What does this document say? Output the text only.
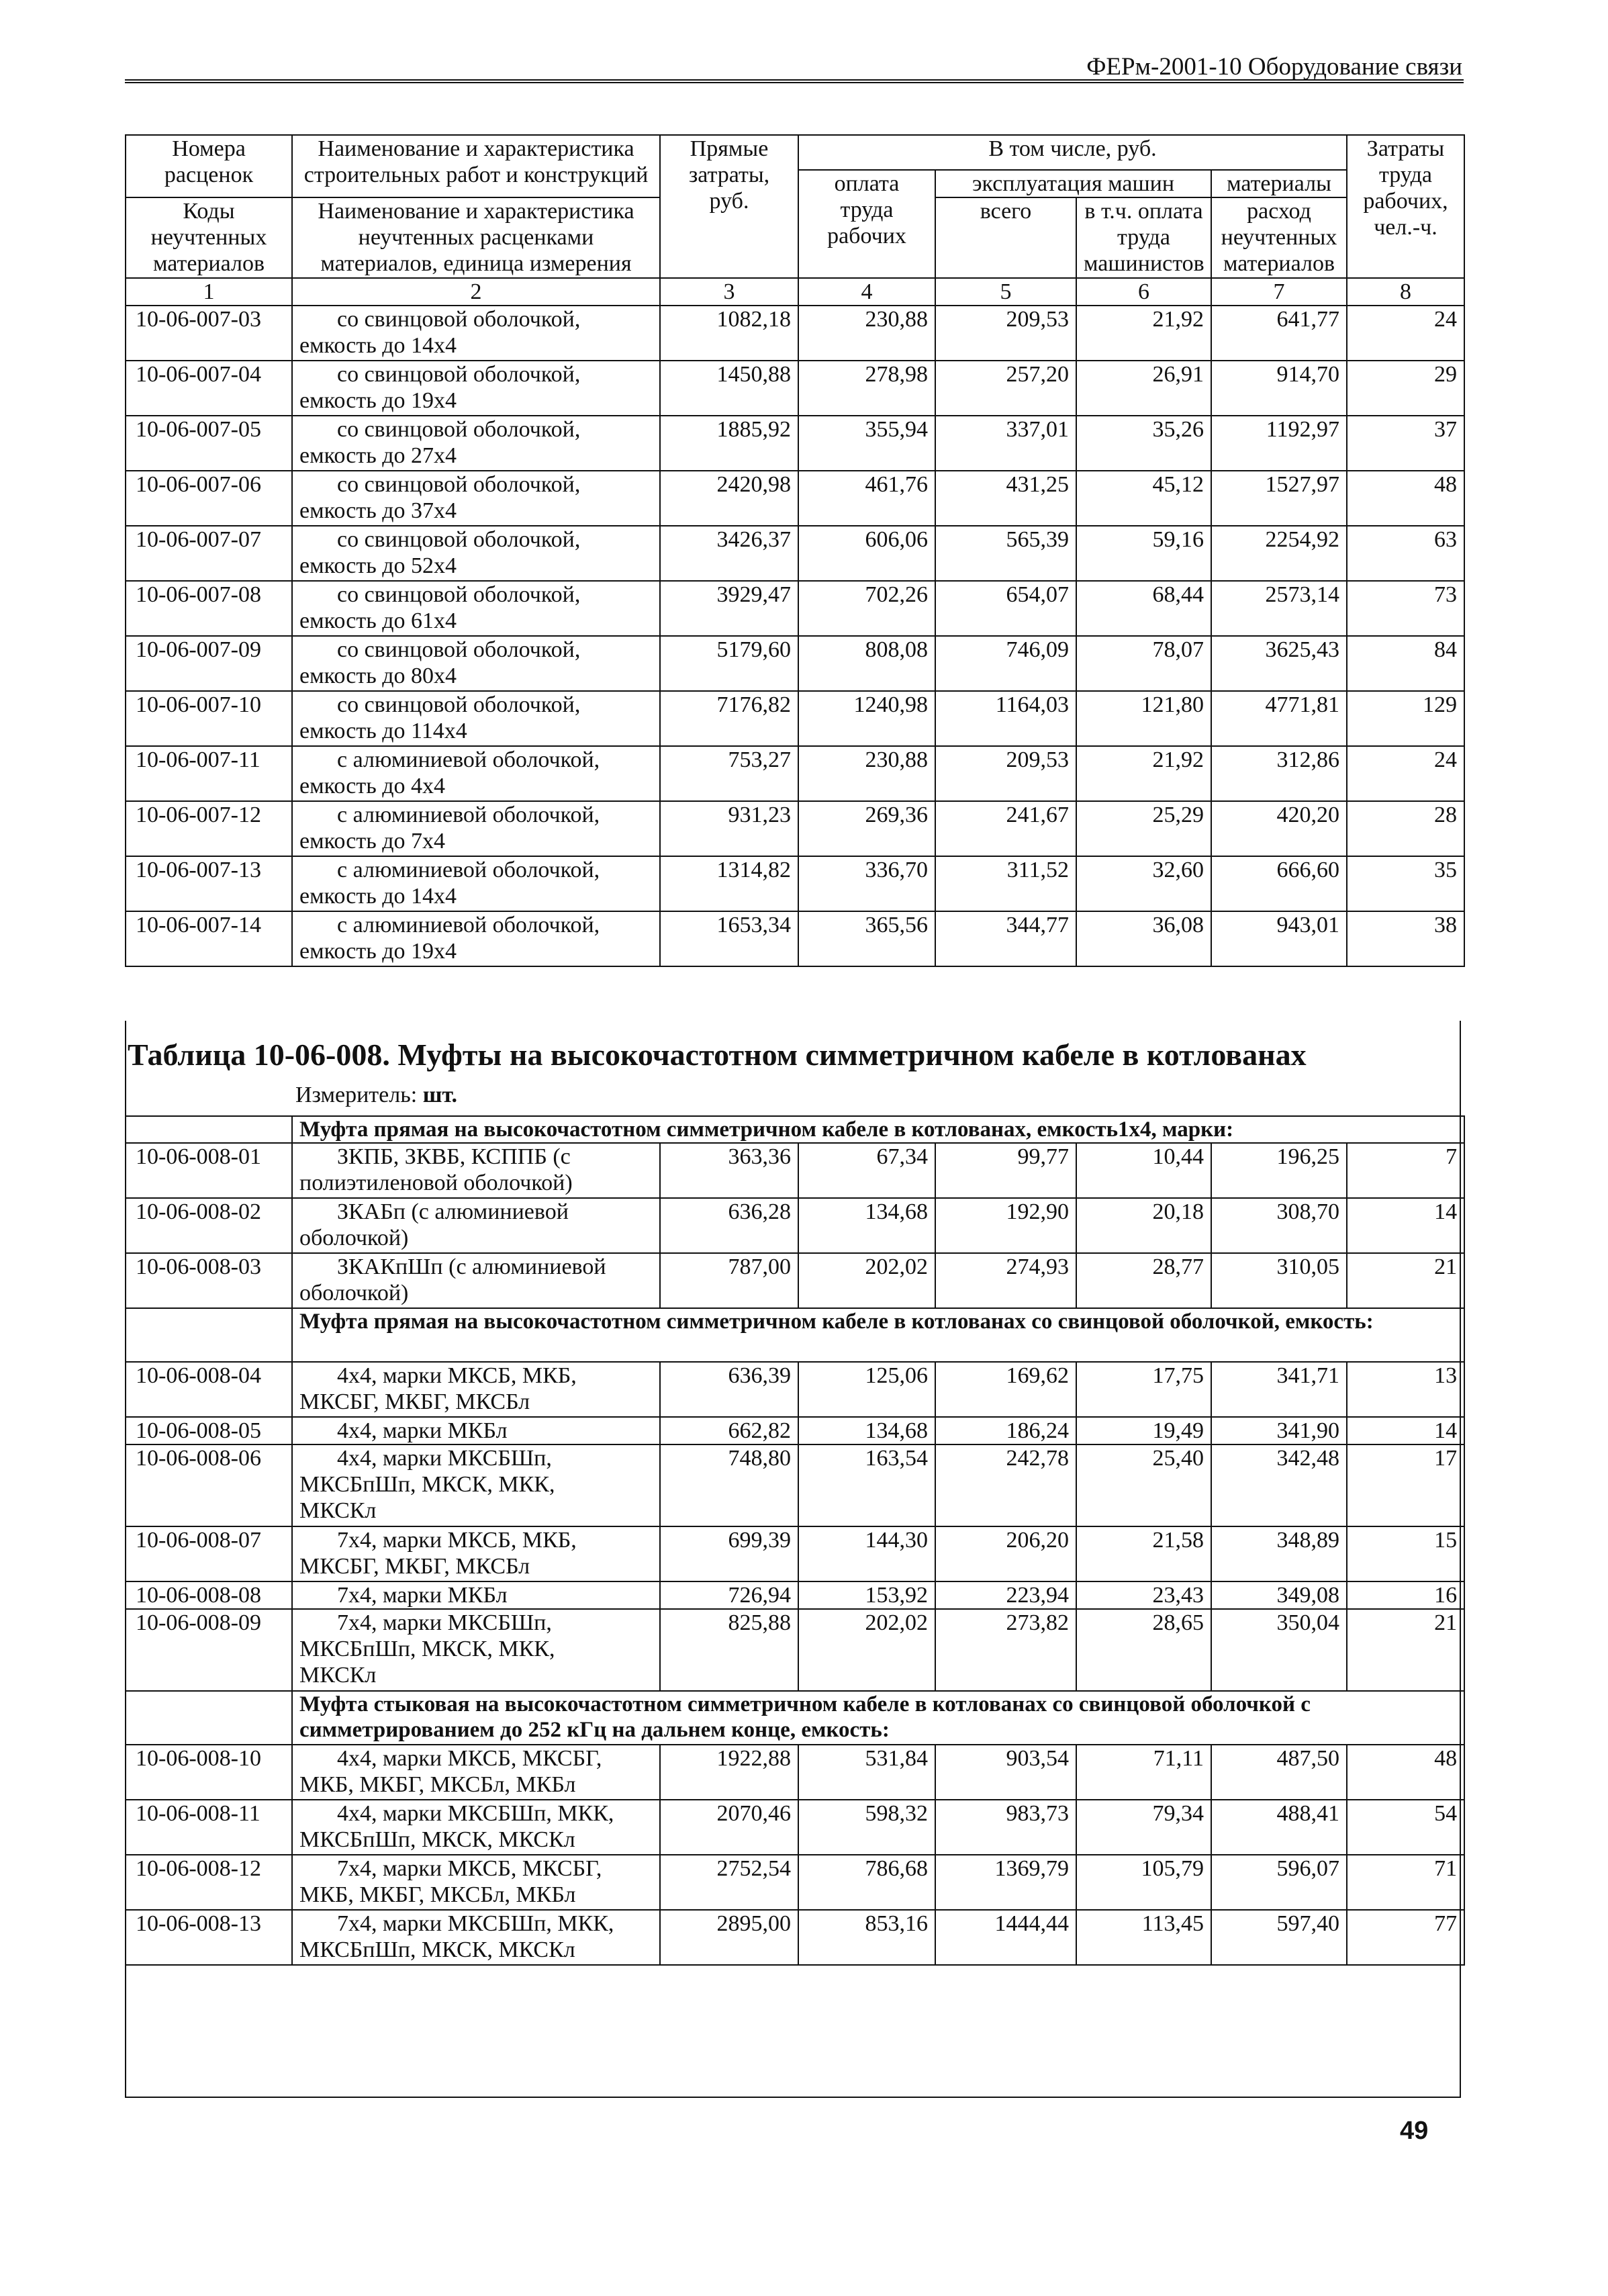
ФЕРм-2001-10 Оборудование связи
Номера расценок	Наименование и характеристика строительных работ и конструкций	Прямые затраты, руб.	В том числе, руб.				Затраты труда рабочих, чел.-ч.
			оплата труда рабочих	эксплуатация машин		материалы	
Коды неучтенных материалов	Наименование и характеристика неучтенных расценками материалов, единица измерения			всего	в т.ч. оплата труда машинистов	расход неучтенных материалов	

1	2	3	4	5	6	7	8
10-06-007-03	со свинцовой оболочкой,
емкость до 14х4	1082,18	230,88	209,53	21,92	641,77	24
10-06-007-04	со свинцовой оболочкой,
емкость до 19х4	1450,88	278,98	257,20	26,91	914,70	29
10-06-007-05	со свинцовой оболочкой,
емкость до 27х4	1885,92	355,94	337,01	35,26	1192,97	37
10-06-007-06	со свинцовой оболочкой,
емкость до 37х4	2420,98	461,76	431,25	45,12	1527,97	48
10-06-007-07	со свинцовой оболочкой,
емкость до 52х4	3426,37	606,06	565,39	59,16	2254,92	63
10-06-007-08	со свинцовой оболочкой,
емкость до 61х4	3929,47	702,26	654,07	68,44	2573,14	73
10-06-007-09	со свинцовой оболочкой,
емкость до 80х4	5179,60	808,08	746,09	78,07	3625,43	84
10-06-007-10	со свинцовой оболочкой,
емкость до 114х4	7176,82	1240,98	1164,03	121,80	4771,81	129
10-06-007-11	с алюминиевой оболочкой,
емкость до 4х4	753,27	230,88	209,53	21,92	312,86	24
10-06-007-12	с алюминиевой оболочкой,
емкость до 7х4	931,23	269,36	241,67	25,29	420,20	28
10-06-007-13	с алюминиевой оболочкой,
емкость до 14х4	1314,82	336,70	311,52	32,60	666,60	35
10-06-007-14	с алюминиевой оболочкой,
емкость до 19х4	1653,34	365,56	344,77	36,08	943,01	38
Таблица 10-06-008. Муфты на высокочастотном симметричном кабеле в котлованах
Измеритель: шт.
	Муфта прямая на высокочастотном симметричном кабеле в котлованах, емкость1х4, марки:						
10-06-008-01	ЗКПБ, ЗКВБ, КСППБ (с
полиэтиленовой оболочкой)	363,36	67,34	99,77	10,44	196,25	7
10-06-008-02	ЗКАБп (с алюминиевой
оболочкой)	636,28	134,68	192,90	20,18	308,70	14
10-06-008-03	ЗКАКпШп (с алюминиевой
оболочкой)	787,00	202,02	274,93	28,77	310,05	21
	Муфта прямая на высокочастотном симметричном кабеле в котлованах со свинцовой оболочкой, емкость:						
10-06-008-04	4х4, марки МКСБ, МКБ,
МКСБГ, МКБГ, МКСБл	636,39	125,06	169,62	17,75	341,71	13
10-06-008-05	4х4, марки МКБл	662,82	134,68	186,24	19,49	341,90	14
10-06-008-06	4х4, марки МКСБШп,
МКСБпШп, МКСК, МКК,
МКСКл	748,80	163,54	242,78	25,40	342,48	17
10-06-008-07	7х4, марки МКСБ, МКБ,
МКСБГ, МКБГ, МКСБл	699,39	144,30	206,20	21,58	348,89	15
10-06-008-08	7х4, марки МКБл	726,94	153,92	223,94	23,43	349,08	16
10-06-008-09	7х4, марки МКСБШп,
МКСБпШп, МКСК, МКК,
МКСКл	825,88	202,02	273,82	28,65	350,04	21
	Муфта стыковая на высокочастотном симметричном кабеле в котлованах со свинцовой оболочкой с симметрированием до 252 кГц на дальнем конце, емкость:						
10-06-008-10	4х4, марки МКСБ, МКСБГ,
МКБ, МКБГ, МКСБл, МКБл	1922,88	531,84	903,54	71,11	487,50	48
10-06-008-11	4х4, марки МКСБШп, МКК,
МКСБпШп, МКСК, МКСКл	2070,46	598,32	983,73	79,34	488,41	54
10-06-008-12	7х4, марки МКСБ, МКСБГ,
МКБ, МКБГ, МКСБл, МКБл	2752,54	786,68	1369,79	105,79	596,07	71
10-06-008-13	7х4, марки МКСБШп, МКК,
МКСБпШп, МКСК, МКСКл	2895,00	853,16	1444,44	113,45	597,40	77
49
